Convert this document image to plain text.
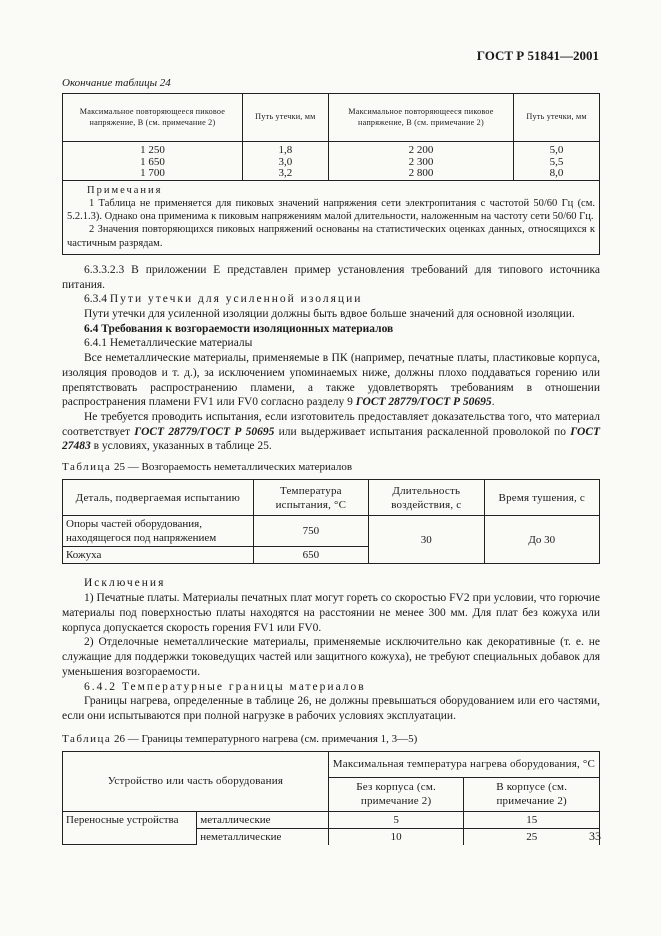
ГОСТ Р 51841—2001
Окончание таблицы 24
Максимальное повторяющееся пиковое напряжение, В (см. примечание 2)	Путь утечки, мм	Максимальное повторяющееся пиковое напряжение, В (см. примечание 2)	Путь утечки, мм
1 250	1,8	2 200	5,0
1 650	3,0	2 300	5,5
1 700	3,2	2 800	8,0

Примечания
1 Таблица не применяется для пиковых значений напряжения сети электропитания с частотой 50/60 Гц (см. 5.2.1.3). Однако она применима к пиковым напряжениям малой длительности, наложенным на частоту сети 50/60 Гц.
2 Значения повторяющихся пиковых напряжений основаны на статистических оценках данных, относящихся к частичным разрядам.			

6.3.3.2.3 В приложении Е представлен пример установления требований для типового источника питания.

6.3.4 Пути утечки для усиленной изоляции

Пути утечки для усиленной изоляции должны быть вдвое больше значений для основной изоляции.

6.4 Требования к возгораемости изоляционных материалов

6.4.1 Неметаллические материалы

Все неметаллические материалы, применяемые в ПК (например, печатные платы, пластиковые корпуса, изоляция проводов и т. д.), за исключением упоминаемых ниже, должны плохо поддаваться горению или препятствовать распространению пламени, а также удовлетворять требованиям в отношении распространения пламени FV1 или FV0 согласно разделу 9 ГОСТ 28779/ГОСТ Р 50695.

Не требуется проводить испытания, если изготовитель предоставляет доказательства того, что материал соответствует ГОСТ 28779/ГОСТ Р 50695 или выдерживает испытания раскаленной проволокой по ГОСТ 27483 в условиях, указанных в таблице 25.

Таблица 25 — Возгораемость неметаллических материалов
Деталь, подвергаемая испытанию	Температура испытания, °С	Длительность воздействия, с	Время тушения, с
Опоры частей оборудования, находящегося под напряжением	750	30	До 30
Кожуха	650		

Исключения

1) Печатные платы. Материалы печатных плат могут гореть со скоростью FV2 при условии, что горючие материалы под поверхностью платы находятся на расстоянии не менее 300 мм. Для плат без кожуха или корпуса допускается скорость горения FV1 или FV0.

2) Отделочные неметаллические материалы, применяемые исключительно как декоративные (т. е. не служащие для поддержки токоведущих частей или защитного кожуха), не требуют специальных добавок для уменьшения возгораемости.

6.4.2 Температурные границы материалов

Границы нагрева, определенные в таблице 26, не должны превышаться оборудованием или его частями, если они испытываются при полной нагрузке в рабочих условиях эксплуатации.

Таблица 26 — Границы температурного нагрева (см. примечания 1, 3—5)
Устройство или часть оборудования		Максимальная температура нагрева оборудования, °С	
		Без корпуса (см. примечание 2)	В корпусе (см. примечание 2)
Переносные устройства	металлические	5	15
	неметаллические	10	25	33
